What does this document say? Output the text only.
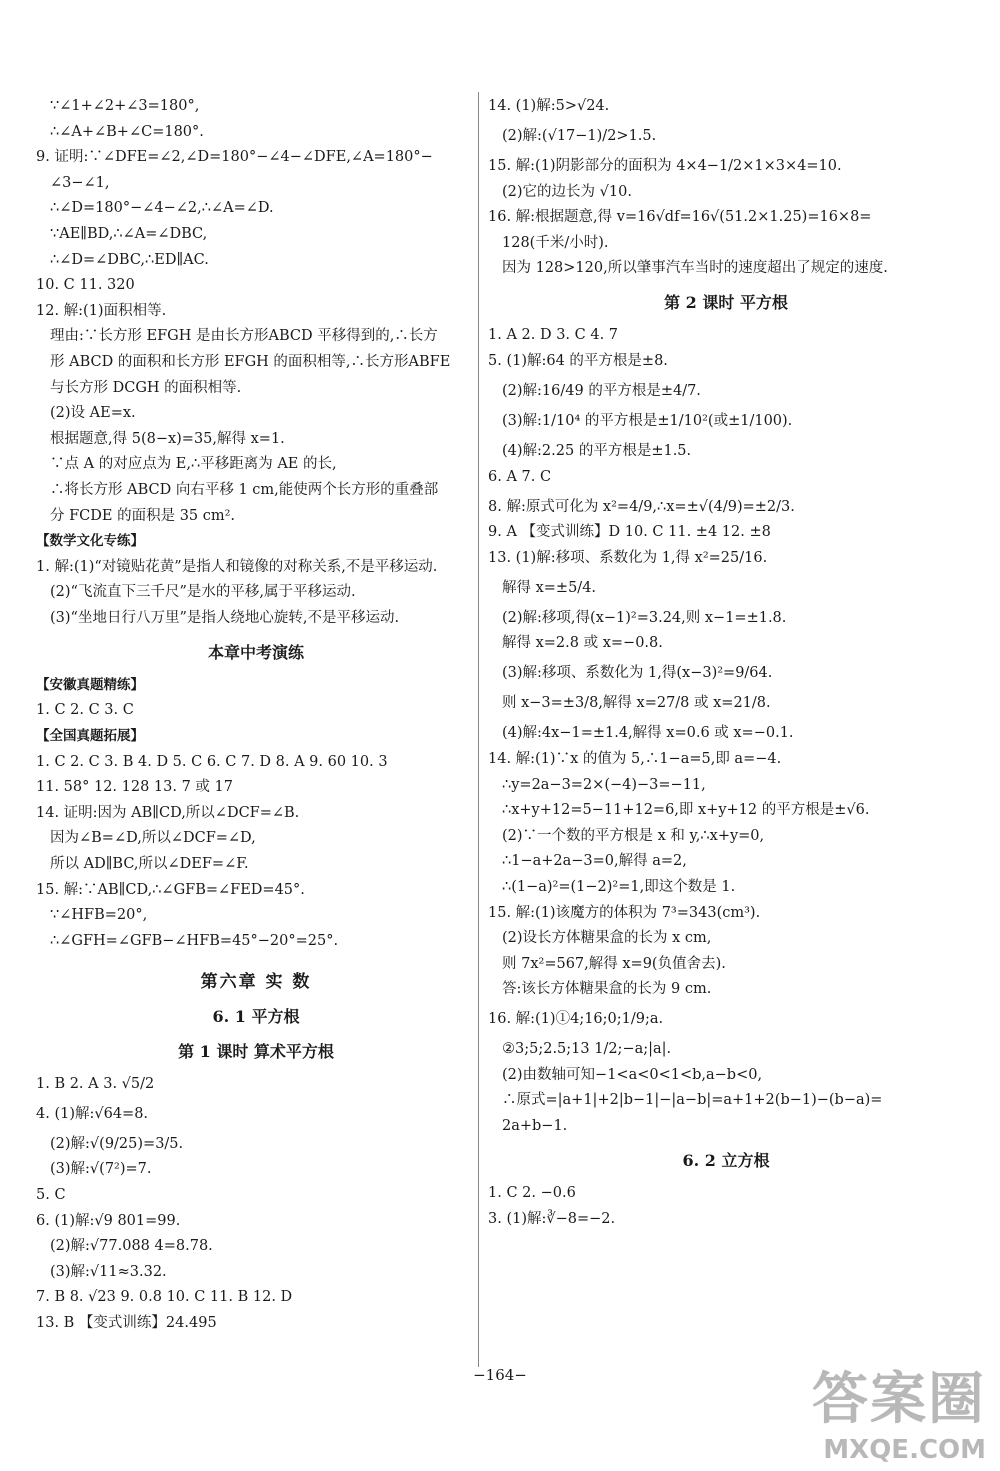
∵∠1+∠2+∠3=180°,
∴∠A+∠B+∠C=180°.
9. 证明:∵∠DFE=∠2,∠D=180°−∠4−∠DFE,∠A=180°−
∠3−∠1,
∴∠D=180°−∠4−∠2,∴∠A=∠D.
∵AE∥BD,∴∠A=∠DBC,
∴∠D=∠DBC,∴ED∥AC.
10. C 11. 320
12. 解:(1)面积相等.
理由:∵长方形 EFGH 是由长方形ABCD 平移得到的,∴长方
形 ABCD 的面积和长方形 EFGH 的面积相等,∴长方形ABFE
与长方形 DCGH 的面积相等.
(2)设 AE=x.
根据题意,得 5(8−x)=35,解得 x=1.
∵点 A 的对应点为 E,∴平移距离为 AE 的长,
∴将长方形 ABCD 向右平移 1 cm,能使两个长方形的重叠部
分 FCDE 的面积是 35 cm².
【数学文化专练】
1. 解:(1)“对镜贴花黄”是指人和镜像的对称关系,不是平移运动.
(2)“飞流直下三千尺”是水的平移,属于平移运动.
(3)“坐地日行八万里”是指人绕地心旋转,不是平移运动.
本章中考演练
【安徽真题精练】
1. C 2. C 3. C
【全国真题拓展】
1. C 2. C 3. B 4. D 5. C 6. C 7. D 8. A 9. 60 10. 3
11. 58° 12. 128 13. 7 或 17
14. 证明:因为 AB∥CD,所以∠DCF=∠B.
因为∠B=∠D,所以∠DCF=∠D,
所以 AD∥BC,所以∠DEF=∠F.
15. 解:∵AB∥CD,∴∠GFB=∠FED=45°.
∵∠HFB=20°,
∴∠GFH=∠GFB−∠HFB=45°−20°=25°.
第六章 实 数
6. 1 平方根
第 1 课时 算术平方根
1. B 2. A 3. √5/2
4. (1)解:√64=8.
(2)解:√(9/25)=3/5.
(3)解:√(7²)=7.
5. C
6. (1)解:√9 801=99.
(2)解:√77.088 4=8.78.
(3)解:√11≈3.32.
7. B 8. √23 9. 0.8 10. C 11. B 12. D
13. B 【变式训练】24.495
14. (1)解:5>√24.
(2)解:(√17−1)/2>1.5.
15. 解:(1)阴影部分的面积为 4×4−1/2×1×3×4=10.
(2)它的边长为 √10.
16. 解:根据题意,得 v=16√df=16√(51.2×1.25)=16×8=
128(千米/小时).
因为 128>120,所以肇事汽车当时的速度超出了规定的速度.
第 2 课时 平方根
1. A 2. D 3. C 4. 7
5. (1)解:64 的平方根是±8.
(2)解:16/49 的平方根是±4/7.
(3)解:1/10⁴ 的平方根是±1/10²(或±1/100).
(4)解:2.25 的平方根是±1.5.
6. A 7. C
8. 解:原式可化为 x²=4/9,∴x=±√(4/9)=±2/3.
9. A 【变式训练】D 10. C 11. ±4 12. ±8
13. (1)解:移项、系数化为 1,得 x²=25/16.
解得 x=±5/4.
(2)解:移项,得(x−1)²=3.24,则 x−1=±1.8.
解得 x=2.8 或 x=−0.8.
(3)解:移项、系数化为 1,得(x−3)²=9/64.
则 x−3=±3/8,解得 x=27/8 或 x=21/8.
(4)解:4x−1=±1.4,解得 x=0.6 或 x=−0.1.
14. 解:(1)∵x 的值为 5,∴1−a=5,即 a=−4.
∴y=2a−3=2×(−4)−3=−11,
∴x+y+12=5−11+12=6,即 x+y+12 的平方根是±√6.
(2)∵一个数的平方根是 x 和 y,∴x+y=0,
∴1−a+2a−3=0,解得 a=2,
∴(1−a)²=(1−2)²=1,即这个数是 1.
15. 解:(1)该魔方的体积为 7³=343(cm³).
(2)设长方体糖果盒的长为 x cm,
则 7x²=567,解得 x=9(负值舍去).
答:该长方体糖果盒的长为 9 cm.
16. 解:(1)①4;16;0;1/9;a.
②3;5;2.5;13 1/2;−a;|a|.
(2)由数轴可知−1<a<0<1<b,a−b<0,
∴原式=|a+1|+2|b−1|−|a−b|=a+1+2(b−1)−(b−a)=
2a+b−1.
6. 2 立方根
1. C 2. −0.6
3. (1)解:∛−8=−2.
−164−	答案圈
MXQE.COM
